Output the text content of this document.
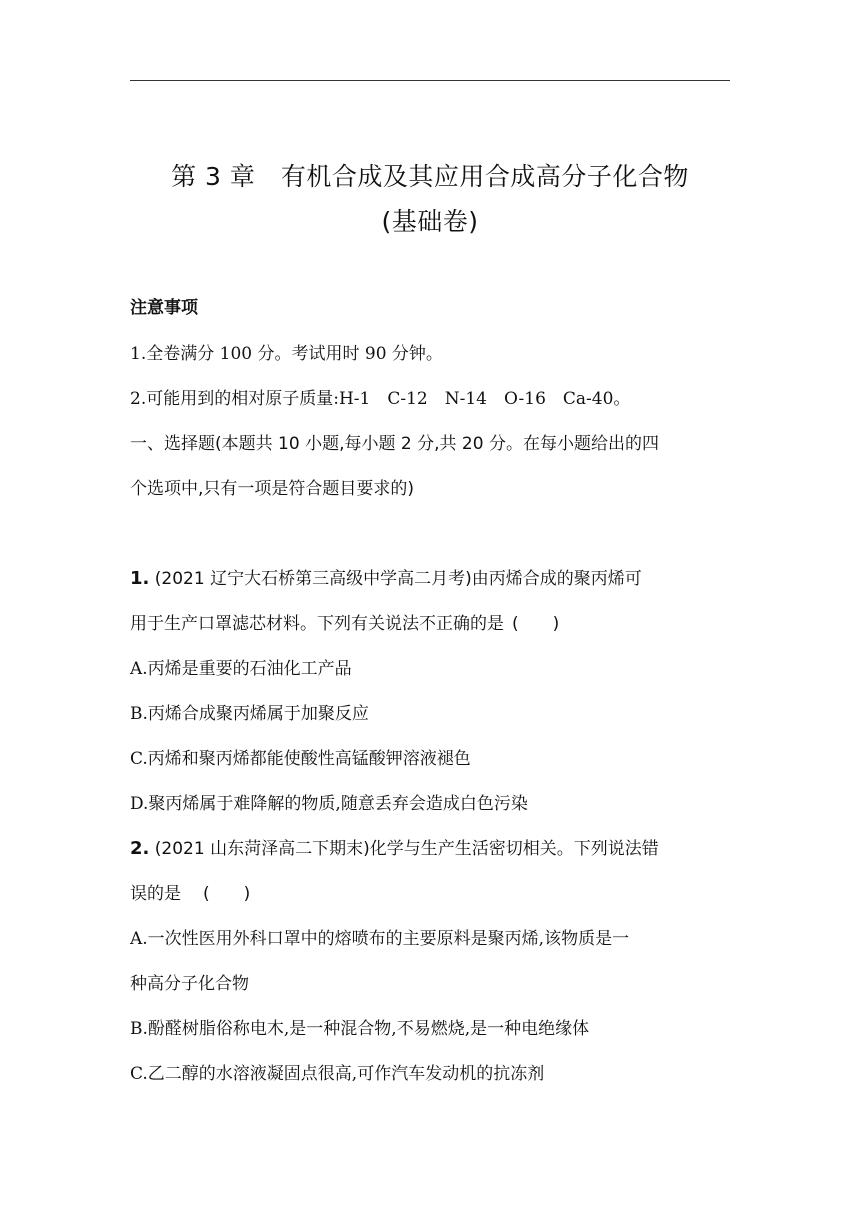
第 3 章　有机合成及其应用合成高分子化合物
(基础卷)
注意事项
1.全卷满分 100 分。考试用时 90 分钟。
2.可能用到的相对原子质量:H-1　C-12　N-14　O-16　Ca-40。
一、选择题(本题共 10 小题,每小题 2 分,共 20 分。在每小题给出的四
个选项中,只有一项是符合题目要求的)
1. (2021 辽宁大石桥第三高级中学高二月考)由丙烯合成的聚丙烯可
用于生产口罩滤芯材料。下列有关说法不正确的是 (　　)
A.丙烯是重要的石油化工产品
B.丙烯合成聚丙烯属于加聚反应
C.丙烯和聚丙烯都能使酸性高锰酸钾溶液褪色
D.聚丙烯属于难降解的物质,随意丢弃会造成白色污染
2. (2021 山东菏泽高二下期末)化学与生产生活密切相关。下列说法错
误的是 (　　)
A.一次性医用外科口罩中的熔喷布的主要原料是聚丙烯,该物质是一
种高分子化合物
B.酚醛树脂俗称电木,是一种混合物,不易燃烧,是一种电绝缘体
C.乙二醇的水溶液凝固点很高,可作汽车发动机的抗冻剂
